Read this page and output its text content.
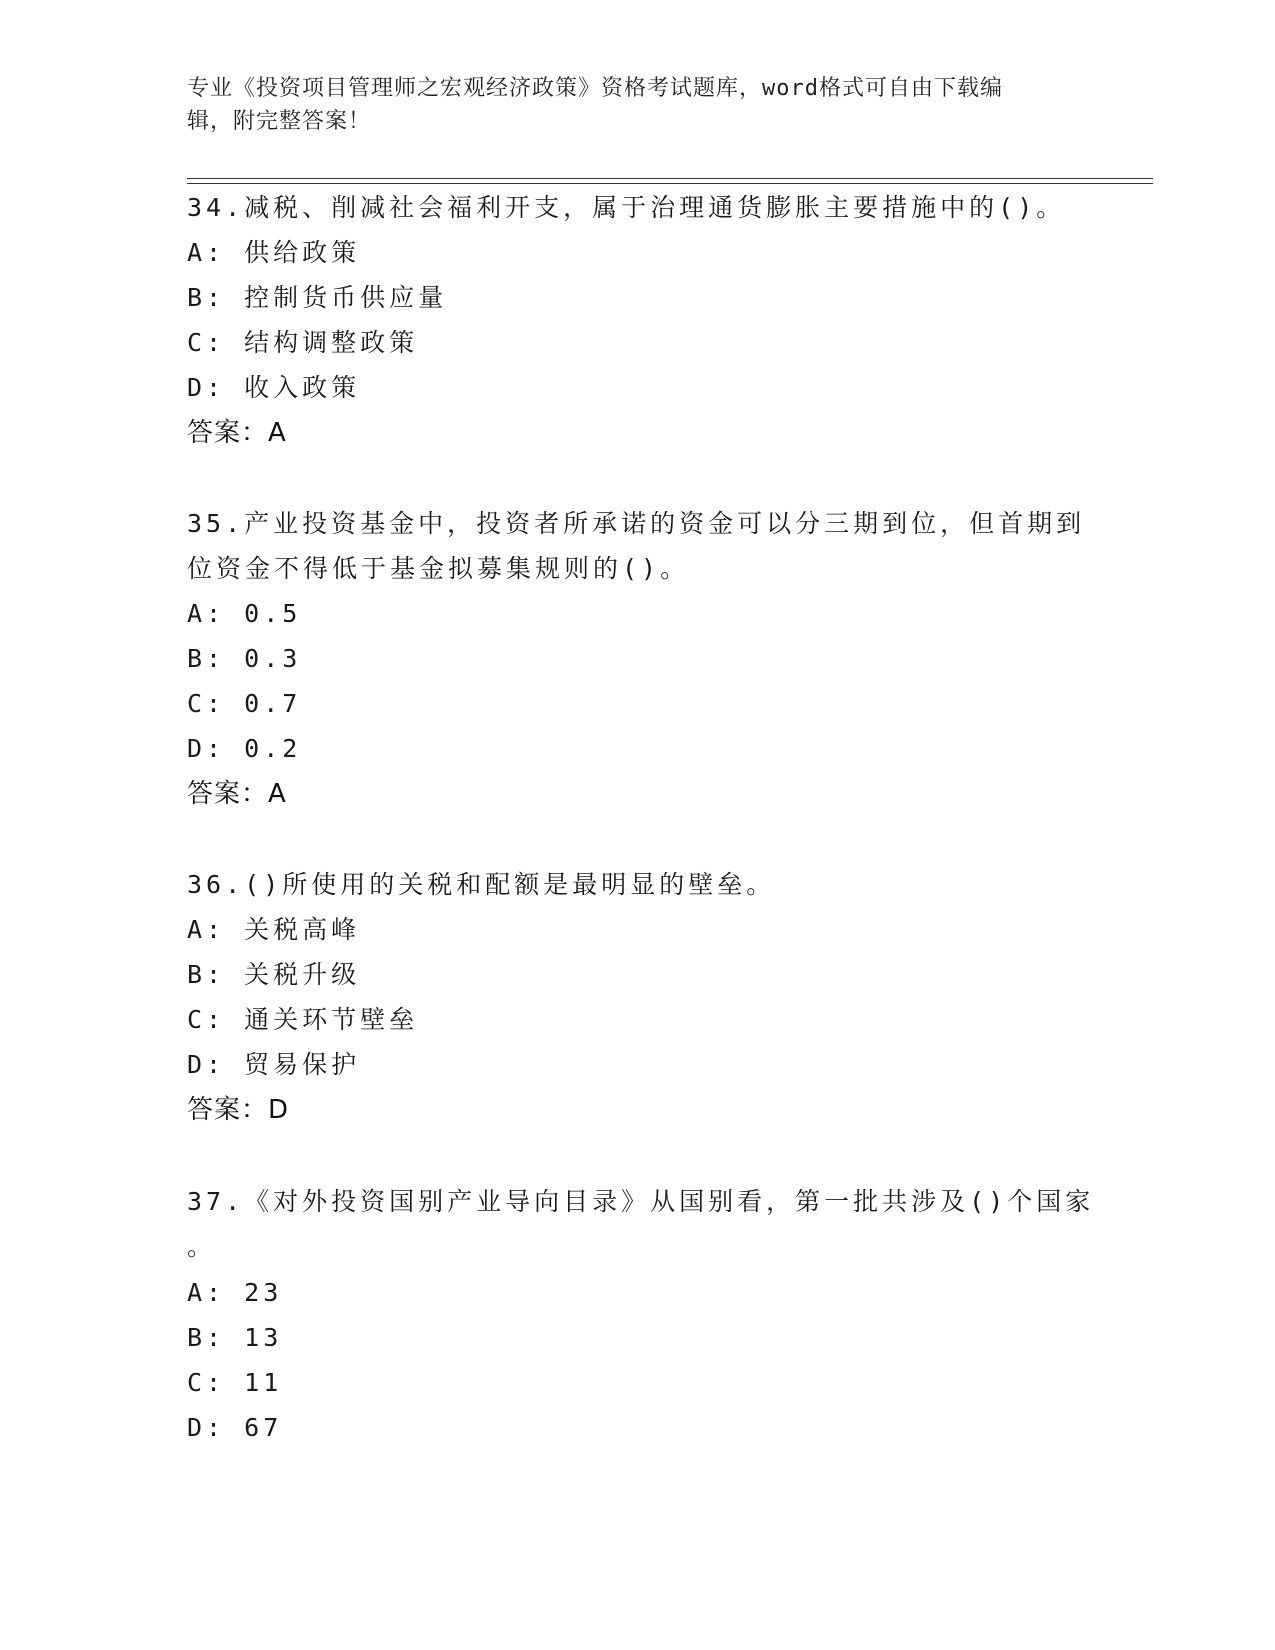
专业《投资项目管理师之宏观经济政策》资格考试题库，word格式可自由下载编
辑，附完整答案！
34.减税、削减社会福利开支，属于治理通货膨胀主要措施中的()。
A: 供给政策
B: 控制货币供应量
C: 结构调整政策
D: 收入政策
答案：A
35.产业投资基金中，投资者所承诺的资金可以分三期到位，但首期到
位资金不得低于基金拟募集规则的()。
A: 0.5
B: 0.3
C: 0.7
D: 0.2
答案：A
36.()所使用的关税和配额是最明显的壁垒。
A: 关税高峰
B: 关税升级
C: 通关环节壁垒
D: 贸易保护
答案：D
37.《对外投资国别产业导向目录》从国别看，第一批共涉及()个国家
。
A: 23
B: 13
C: 11
D: 67
